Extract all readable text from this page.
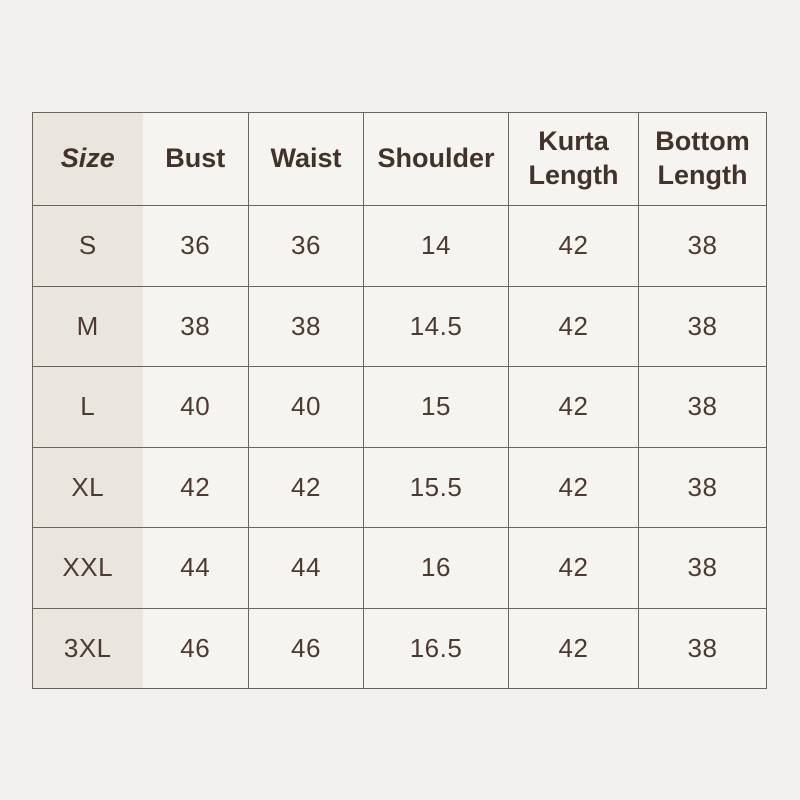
Size	Bust	Waist	Shoulder	Kurta Length	Bottom Length
S	36	36	14	42	38
M	38	38	14.5	42	38
L	40	40	15	42	38
XL	42	42	15.5	42	38
XXL	44	44	16	42	38
3XL	46	46	16.5	42	38
